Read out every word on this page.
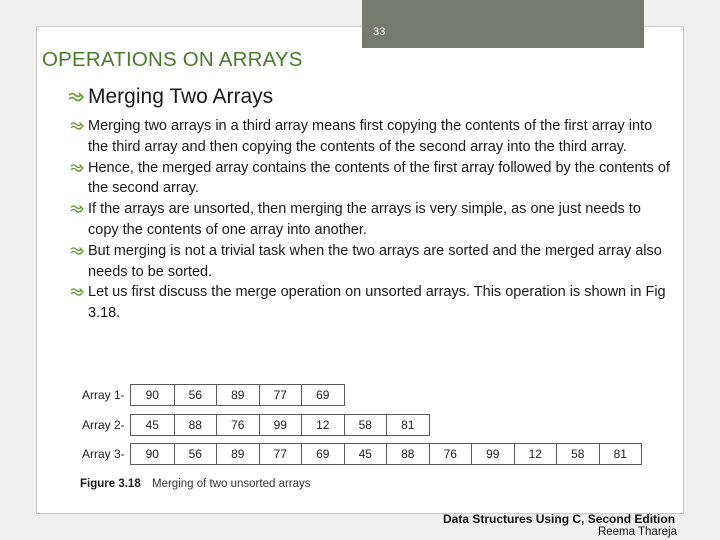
33
OPERATIONS ON ARRAYS
Merging Two Arrays
Merging two arrays in a third array means first copying the contents of the first array into the third array and then copying the contents of the second array into the third array.
Hence, the merged array contains the contents of the first array followed by the contents of the second array.
If the arrays are unsorted, then merging the arrays is very simple, as one just needs to copy the contents of one array into another.
But merging is not a trivial task when the two arrays are sorted and the merged array also needs to be sorted.
Let us first discuss the merge operation on unsorted arrays. This operation is shown in Fig 3.18.
Array 1-	90	56	89	77	69
Array 2-	45	88	76	99	12	58	81
Array 3-	90	56	89	77	69	45	88	76	99	12	58	81
Figure 3.18 Merging of two unsorted arrays
Data Structures Using C, Second Edition
Reema Thareja
